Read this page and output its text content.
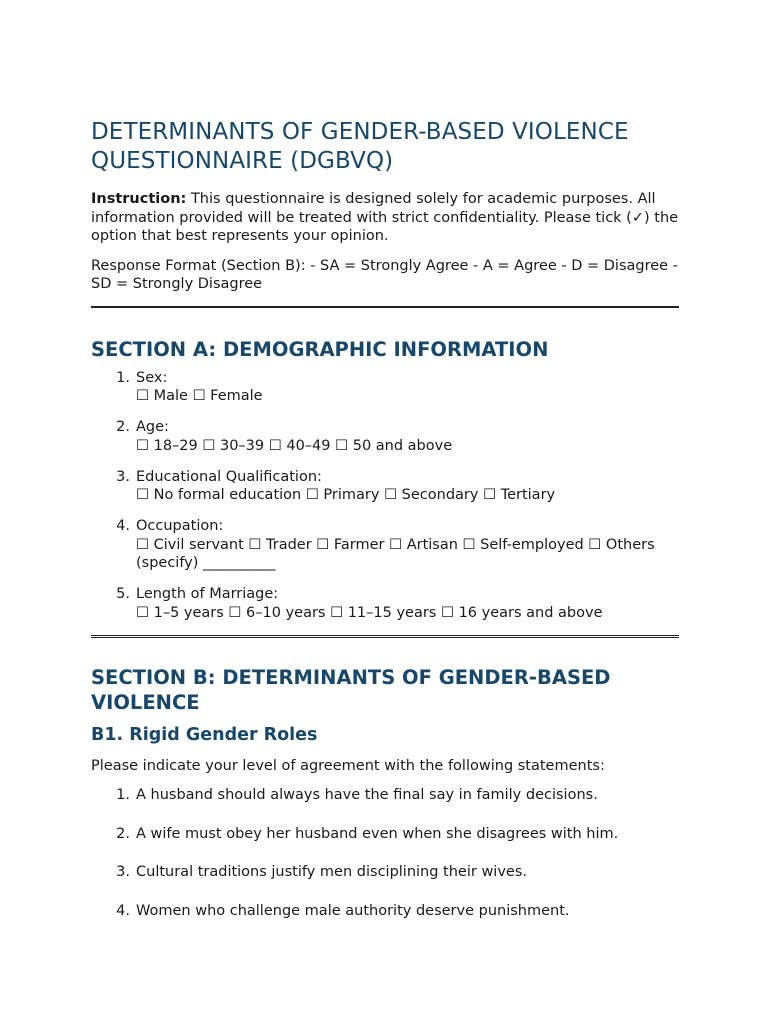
DETERMINANTS OF GENDER-BASED VIOLENCE QUESTIONNAIRE (DGBVQ)

Instruction: This questionnaire is designed solely for academic purposes. All information provided will be treated with strict confidentiality. Please tick (✓) the option that best represents your opinion.

Response Format (Section B): - SA = Strongly Agree - A = Agree - D = Disagree - SD = Strongly Disagree

SECTION A: DEMOGRAPHIC INFORMATION
1 . Sex:
☐ Male ☐ Female
2 . Age:
☐ 18–29 ☐ 30–39 ☐ 40–49 ☐ 50 and above
3 . Educational Qualification:
☐ No formal education ☐ Primary ☐ Secondary ☐ Tertiary
4 . Occupation:
☐ Civil servant ☐ Trader ☐ Farmer ☐ Artisan ☐ Self-employed ☐ Others (specify) __________
5 . Length of Marriage:
☐ 1–5 years ☐ 6–10 years ☐ 11–15 years ☐ 16 years and above
SECTION B: DETERMINANTS OF GENDER-BASED VIOLENCE
B1. Rigid Gender Roles

Please indicate your level of agreement with the following statements:

1 . A husband should always have the final say in family decisions.
2 . A wife must obey her husband even when she disagrees with him.
3 . Cultural traditions justify men disciplining their wives.
4 . Women who challenge male authority deserve punishment.
